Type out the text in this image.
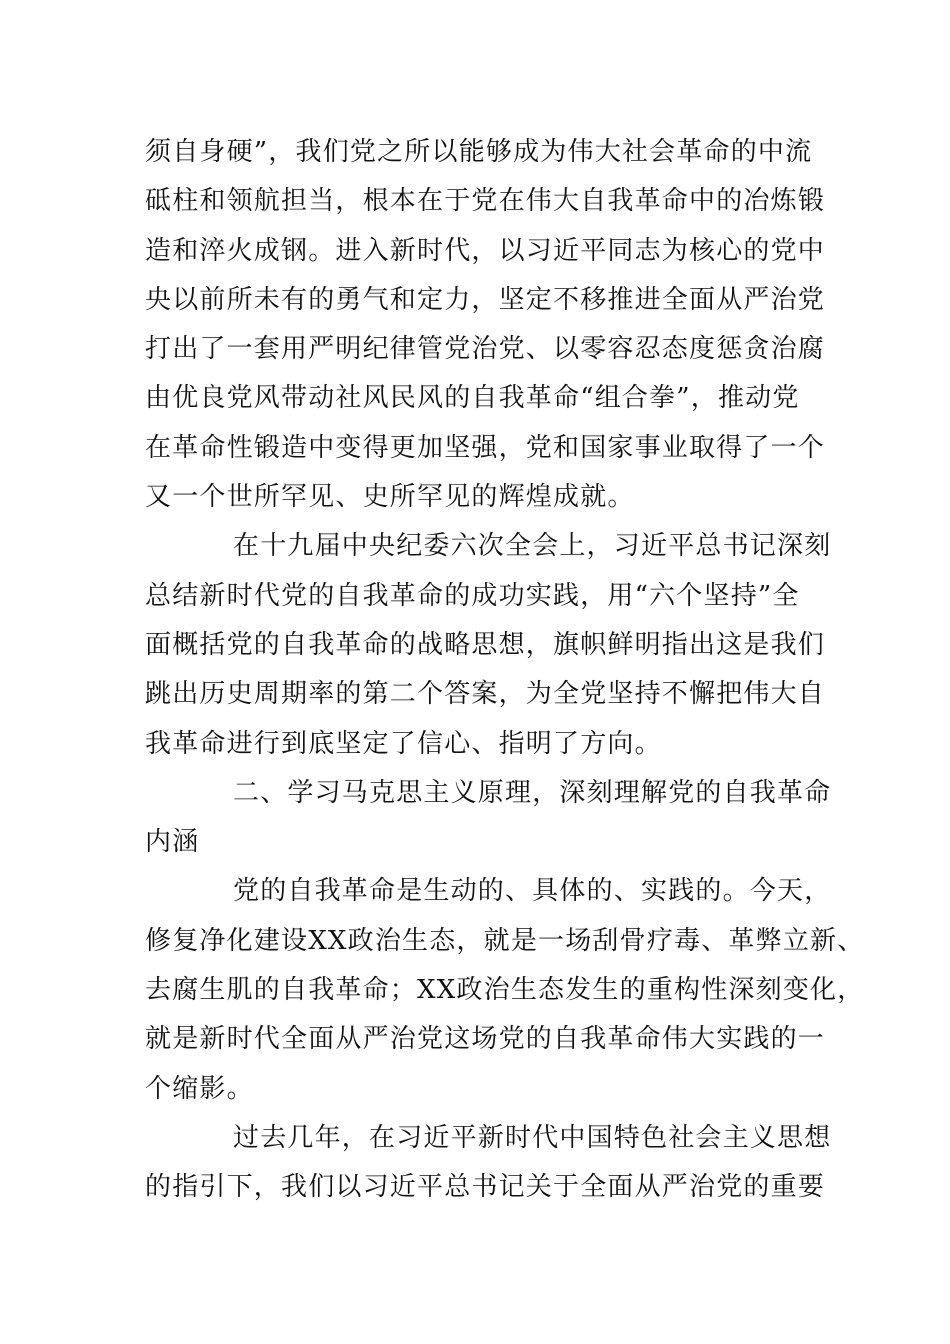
须自身硬”，我们党之所以能够成为伟大社会革命的中流
砥柱和领航担当，根本在于党在伟大自我革命中的冶炼锻
造和淬火成钢。进入新时代，以习近平同志为核心的党中
央以前所未有的勇气和定力，坚定不移推进全面从严治党
打出了一套用严明纪律管党治党、以零容忍态度惩贪治腐
由优良党风带动社风民风的自我革命“组合拳”，推动党
在革命性锻造中变得更加坚强，党和国家事业取得了一个
又一个世所罕见、史所罕见的辉煌成就。
在十九届中央纪委六次全会上，习近平总书记深刻
总结新时代党的自我革命的成功实践，用“六个坚持”全
面概括党的自我革命的战略思想，旗帜鲜明指出这是我们
跳出历史周期率的第二个答案，为全党坚持不懈把伟大自
我革命进行到底坚定了信心、指明了方向。
二、学习马克思主义原理，深刻理解党的自我革命
内涵
党的自我革命是生动的、具体的、实践的。今天，
修复净化建设XX政治生态，就是一场刮骨疗毒、革弊立新、
去腐生肌的自我革命；XX政治生态发生的重构性深刻变化，
就是新时代全面从严治党这场党的自我革命伟大实践的一
个缩影。
过去几年，在习近平新时代中国特色社会主义思想
的指引下，我们以习近平总书记关于全面从严治党的重要
